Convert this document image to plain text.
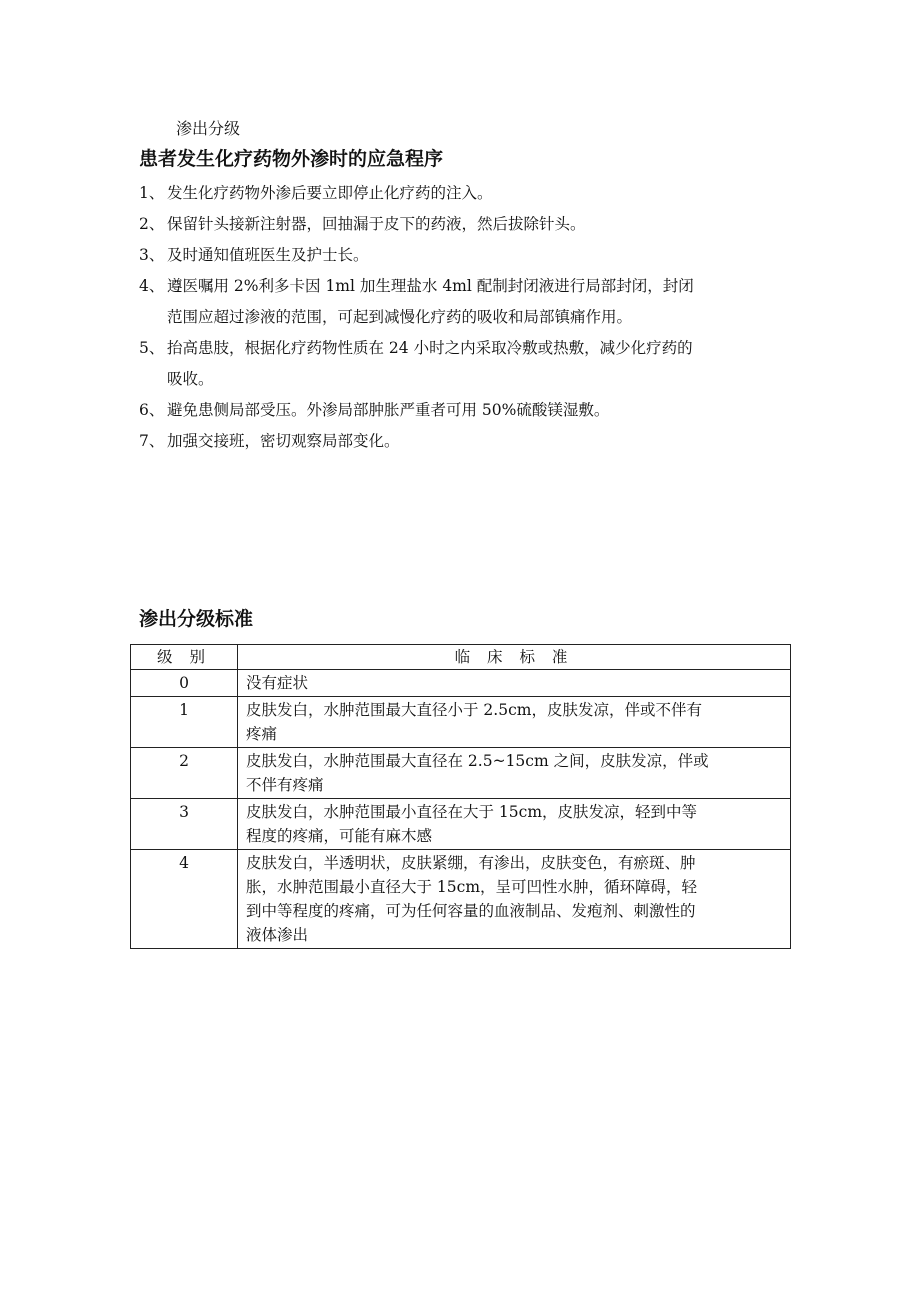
渗出分级
患者发生化疗药物外渗时的应急程序
1、 发生化疗药物外渗后要立即停止化疗药的注入。
2、 保留针头接新注射器，回抽漏于皮下的药液，然后拔除针头。
3、 及时通知值班医生及护士长。
4、 遵医嘱用 2%利多卡因 1ml 加生理盐水 4ml 配制封闭液进行局部封闭，封闭
范围应超过渗液的范围，可起到减慢化疗药的吸收和局部镇痛作用。
5、 抬高患肢，根据化疗药物性质在 24 小时之内采取冷敷或热敷，减少化疗药的
吸收。
6、 避免患侧局部受压。外渗局部肿胀严重者可用 50%硫酸镁湿敷。
7、 加强交接班，密切观察局部变化。
渗出分级标准
级 别	临 床 标 准
0	没有症状

1	皮肤发白，水肿范围最大直径小于 2.5cm，皮肤发凉，伴或不伴有
疼痛

2	皮肤发白，水肿范围最大直径在 2.5~15cm 之间，皮肤发凉，伴或
不伴有疼痛

3	皮肤发白，水肿范围最小直径在大于 15cm，皮肤发凉，轻到中等
程度的疼痛，可能有麻木感

4	皮肤发白，半透明状，皮肤紧绷，有渗出，皮肤变色，有瘀斑、肿
胀，水肿范围最小直径大于 15cm，呈可凹性水肿，循环障碍，轻
到中等程度的疼痛，可为任何容量的血液制品、发疱剂、刺激性的
液体渗出
